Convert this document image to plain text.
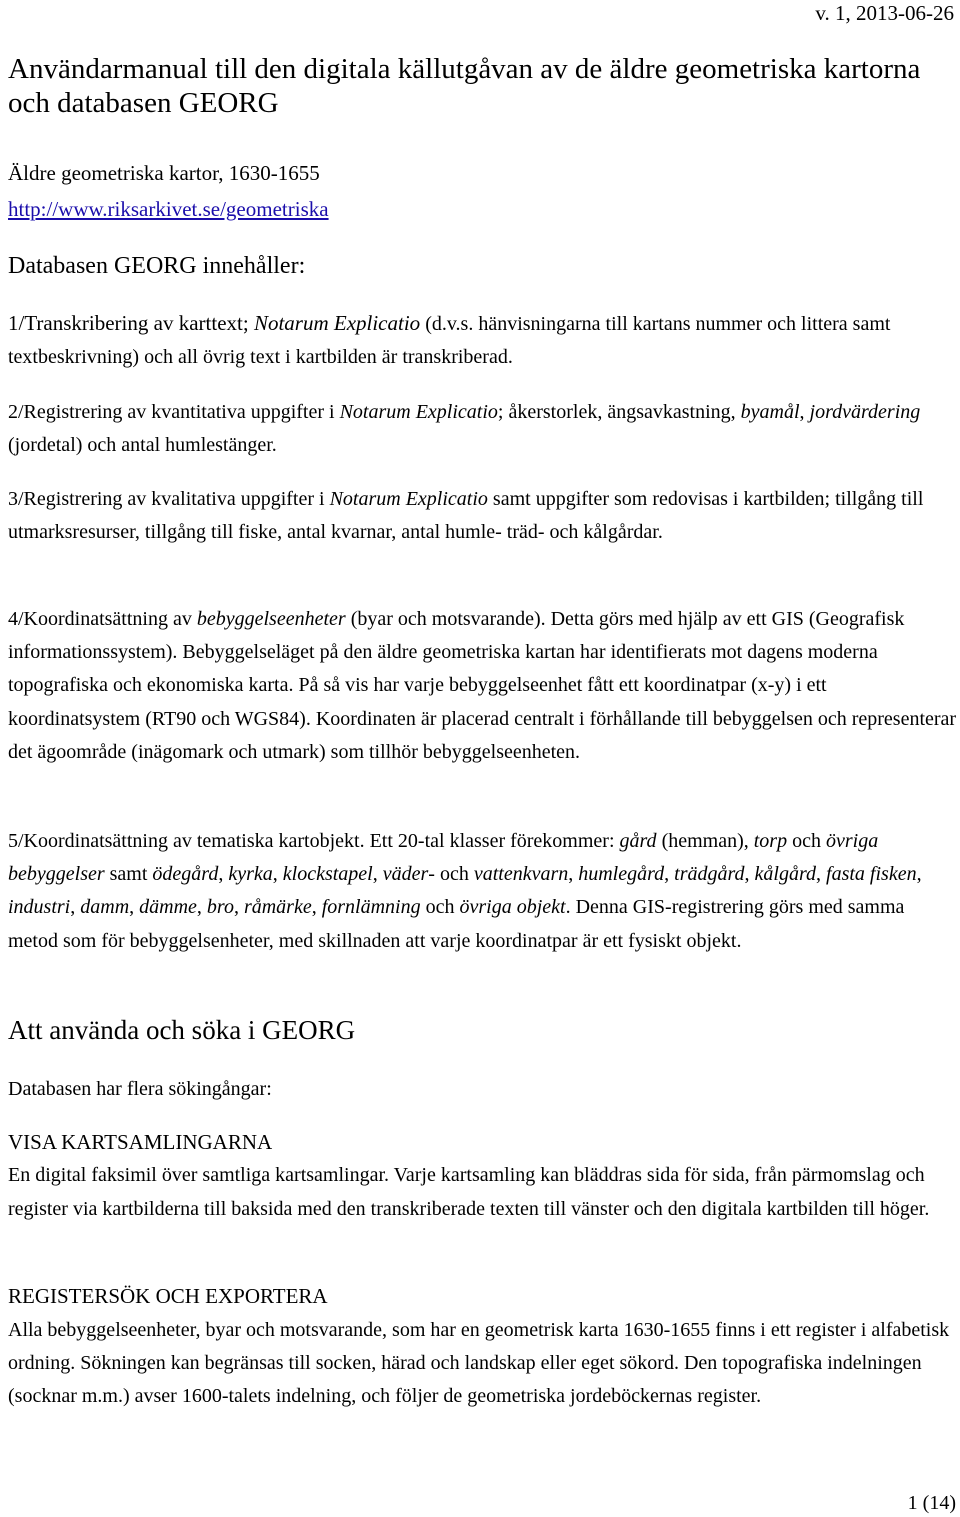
v. 1, 2013-06-26
Användarmanual till den digitala källutgåvan av de äldre geometriska kartorna och databasen GEORG
Äldre geometriska kartor, 1630-1655
http://www.riksarkivet.se/geometriska
Databasen GEORG innehåller:

1/Transkribering av karttext; Notarum Explicatio (d.v.s. hänvisningarna till kartans nummer och littera samt textbeskrivning) och all övrig text i kartbilden är transkriberad.

2/Registrering av kvantitativa uppgifter i Notarum Explicatio; åkerstorlek, ängsavkastning, byamål, jordvärdering (jordetal) och antal humlestänger.

3/Registrering av kvalitativa uppgifter i Notarum Explicatio samt uppgifter som redovisas i kartbilden; tillgång till utmarksresurser, tillgång till fiske, antal kvarnar, antal humle- träd- och kålgårdar.

4/Koordinatsättning av bebyggelseenheter (byar och motsvarande). Detta görs med hjälp av ett GIS (Geografisk informationssystem). Bebyggelseläget på den äldre geometriska kartan har identifierats mot dagens moderna topografiska och ekonomiska karta. På så vis har varje bebyggelseenhet fått ett koordinatpar (x-y) i ett koordinatsystem (RT90 och WGS84). Koordinaten är placerad centralt i förhållande till bebyggelsen och representerar det ägoområde (inägomark och utmark) som tillhör bebyggelseenheten.

5/Koordinatsättning av tematiska kartobjekt. Ett 20-tal klasser förekommer: gård (hemman), torp och övriga bebyggelser samt ödegård, kyrka, klockstapel, väder- och vattenkvarn, humlegård, trädgård, kålgård, fasta fisken, industri, damm, dämme, bro, råmärke, fornlämning och övriga objekt. Denna GIS-registrering görs med samma metod som för bebyggelsenheter, med skillnaden att varje koordinatpar är ett fysiskt objekt.

Att använda och söka i GEORG
Databasen har flera sökingångar:
VISA KARTSAMLINGARNA

En digital faksimil över samtliga kartsamlingar. Varje kartsamling kan bläddras sida för sida, från pärmomslag och register via kartbilderna till baksida med den transkriberade texten till vänster och den digitala kartbilden till höger.

REGISTERSÖK OCH EXPORTERA

Alla bebyggelseenheter, byar och motsvarande, som har en geometrisk karta 1630-1655 finns i ett register i alfabetisk ordning. Sökningen kan begränsas till socken, härad och landskap eller eget sökord. Den topografiska indelningen (socknar m.m.) avser 1600-talets indelning, och följer de geometriska jordeböckernas register.

1 (14)
